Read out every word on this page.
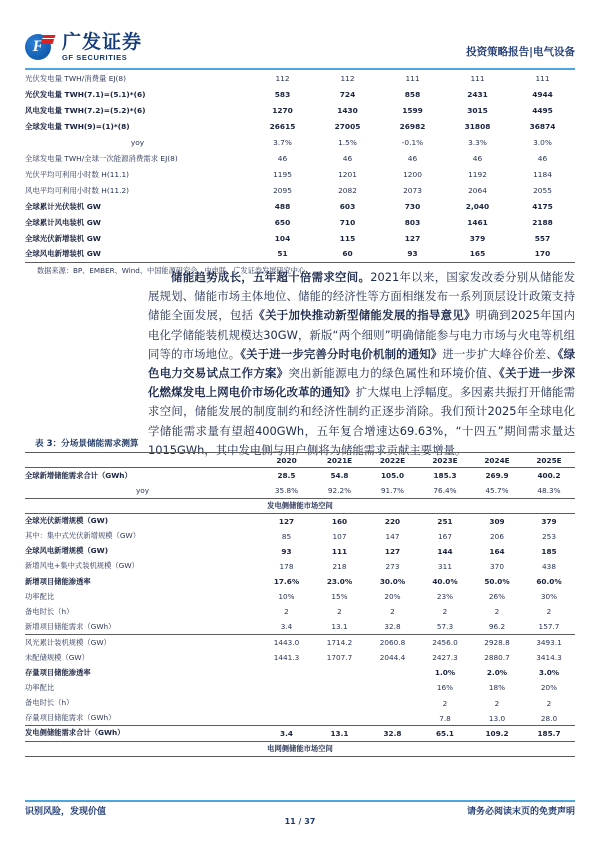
F
广发证券
GF SECURITIES	投资策略报告|电气设备
光伏发电量 TWH/消费量 EJ(8)	112	112	111	111	111
光伏发电量 TWH(7.1)=(5.1)*(6)	583	724	858	2431	4944
风电发电量 TWH(7.2)=(5.2)*(6)	1270	1430	1599	3015	4495
全球发电量 TWH(9)=(1)*(8)	26615	27005	26982	31808	36874
yoy	3.7%	1.5%	-0.1%	3.3%	3.0%
全球发电量 TWH/全球一次能源消费需求 EJ(8)	46	46	46	46	46
光伏平均可利用小时数 H(11.1)	1195	1201	1200	1192	1184
风电平均可利用小时数 H(11.2)	2095	2082	2073	2064	2055
全球累计光伏装机 GW	488	603	730	2,040	4175
全球累计风电装机 GW	650	710	803	1461	2188
全球光伏新增装机 GW	104	115	127	379	557
全球风电新增装机 GW	51	60	93	165	170
数据来源：BP、EMBER、Wind、中国能源研究会、中电联、广发证券发展研究中心
储能趋势成长，五年超十倍需求空间。2021年以来，国家发改委分别从储能发展规划、储能市场主体地位、储能的经济性等方面相继发布一系列顶层设计政策支持储能全面发展，包括《关于加快推动新型储能发展的指导意见》明确到2025年国内电化学储能装机规模达30GW，新版“两个细则”明确储能参与电力市场与火电等机组同等的市场地位。《关于进一步完善分时电价机制的通知》进一步扩大峰谷价差、《绿色电力交易试点工作方案》突出新能源电力的绿色属性和环境价值、《关于进一步深化燃煤发电上网电价市场化改革的通知》扩大煤电上浮幅度。多因素共振打开储能需求空间，储能发展的制度制约和经济性制约正逐步消除。我们预计2025年全球电化学储能需求量有望超400GWh，五年复合增速达69.63%，“十四五”期间需求量达1015GWh，其中发电侧与用户侧将为储能需求贡献主要增量。
表 3：分场景储能需求测算
	2020	2021E	2022E	2023E	2024E	2025E
全球新增储能需求合计（GWh）	28.5	54.8	105.0	185.3	269.9	400.2
yoy	35.8%	92.2%	91.7%	76.4%	45.7%	48.3%
发电侧储能市场空间						
全球光伏新增规模（GW)	127	160	220	251	309	379
其中：集中式光伏新增规模（GW）	85	107	147	167	206	253
全球风电新增规模（GW)	93	111	127	144	164	185
新增风电+集中式装机规模（GW）	178	218	273	311	370	438
新增项目储能渗透率	17.6%	23.0%	30.0%	40.0%	50.0%	60.0%
功率配比	10%	15%	20%	23%	26%	30%
备电时长（h）	2	2	2	2	2	2
新增项目储能需求（GWh）	3.4	13.1	32.8	57.3	96.2	157.7
风光累计装机规模（GW）	1443.0	1714.2	2060.8	2456.0	2928.8	3493.1
未配储规模（GW）	1441.3	1707.7	2044.4	2427.3	2880.7	3414.3
存量项目储能渗透率				1.0%	2.0%	3.0%
功率配比				16%	18%	20%
备电时长（h）				2	2	2
存量项目储能需求（GWh）				7.8	13.0	28.0
发电侧储能需求合计（GWh）	3.4	13.1	32.8	65.1	109.2	185.7
电网侧储能市场空间						

识别风险，发现价值	请务必阅读末页的免责声明
11 / 37
